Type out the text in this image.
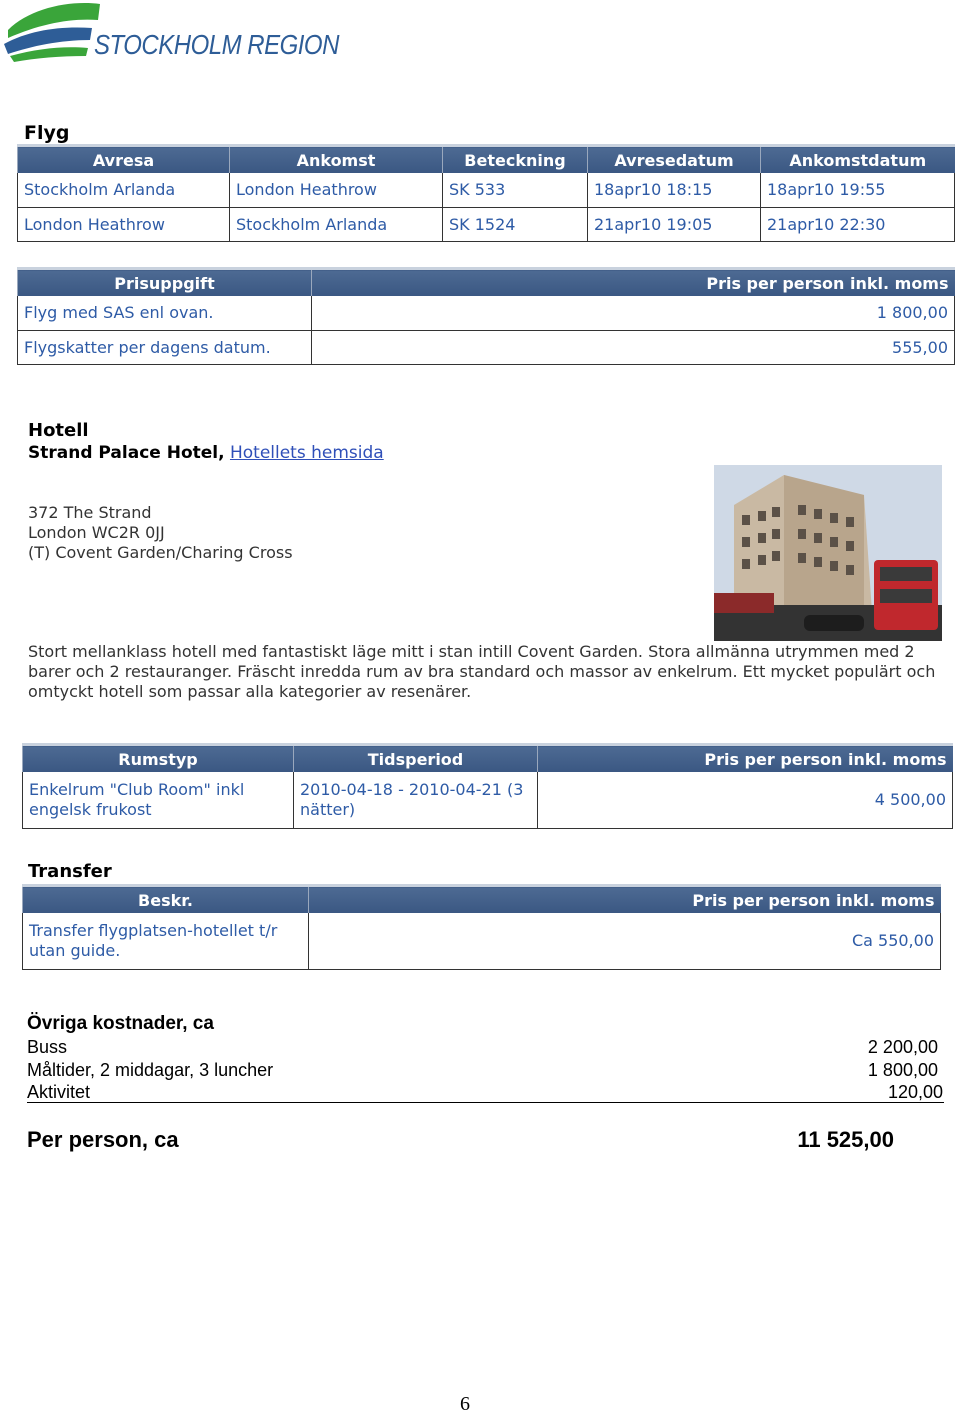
STOCKHOLM REGION
Flyg
Avresa	Ankomst	Beteckning	Avresedatum	Ankomstdatum
Stockholm Arlanda	London Heathrow	SK 533	18apr10 18:15	18apr10 19:55
London Heathrow	Stockholm Arlanda	SK 1524	21apr10 19:05	21apr10 22:30
Prisuppgift	Pris per person inkl. moms
Flyg med SAS enl ovan.	1 800,00
Flygskatter per dagens datum.	555,00
Hotell
Strand Palace Hotel, Hotellets hemsida
372 The Strand
London WC2R 0JJ
(T) Covent Garden/Charing Cross
Stort mellanklass hotell med fantastiskt läge mitt i stan intill Covent Garden. Stora allmänna utrymmen med 2 barer och 2 restauranger. Fräscht inredda rum av bra standard och massor av enkelrum. Ett mycket populärt och omtyckt hotell som passar alla kategorier av resenärer.
Rumstyp	Tidsperiod	Pris per person inkl. moms
Enkelrum "Club Room" inkl engelsk frukost	2010-04-18 - 2010-04-21 (3 nätter)	4 500,00
Transfer
Beskr.	Pris per person inkl. moms
Transfer flygplatsen-hotellet t/r utan guide.	Ca 550,00
Övriga kostnader, ca
Buss	2 200,00
Måltider, 2 middagar, 3 luncher	1 800,00
Aktivitet	120,00
Per person, ca	11 525,00
6
